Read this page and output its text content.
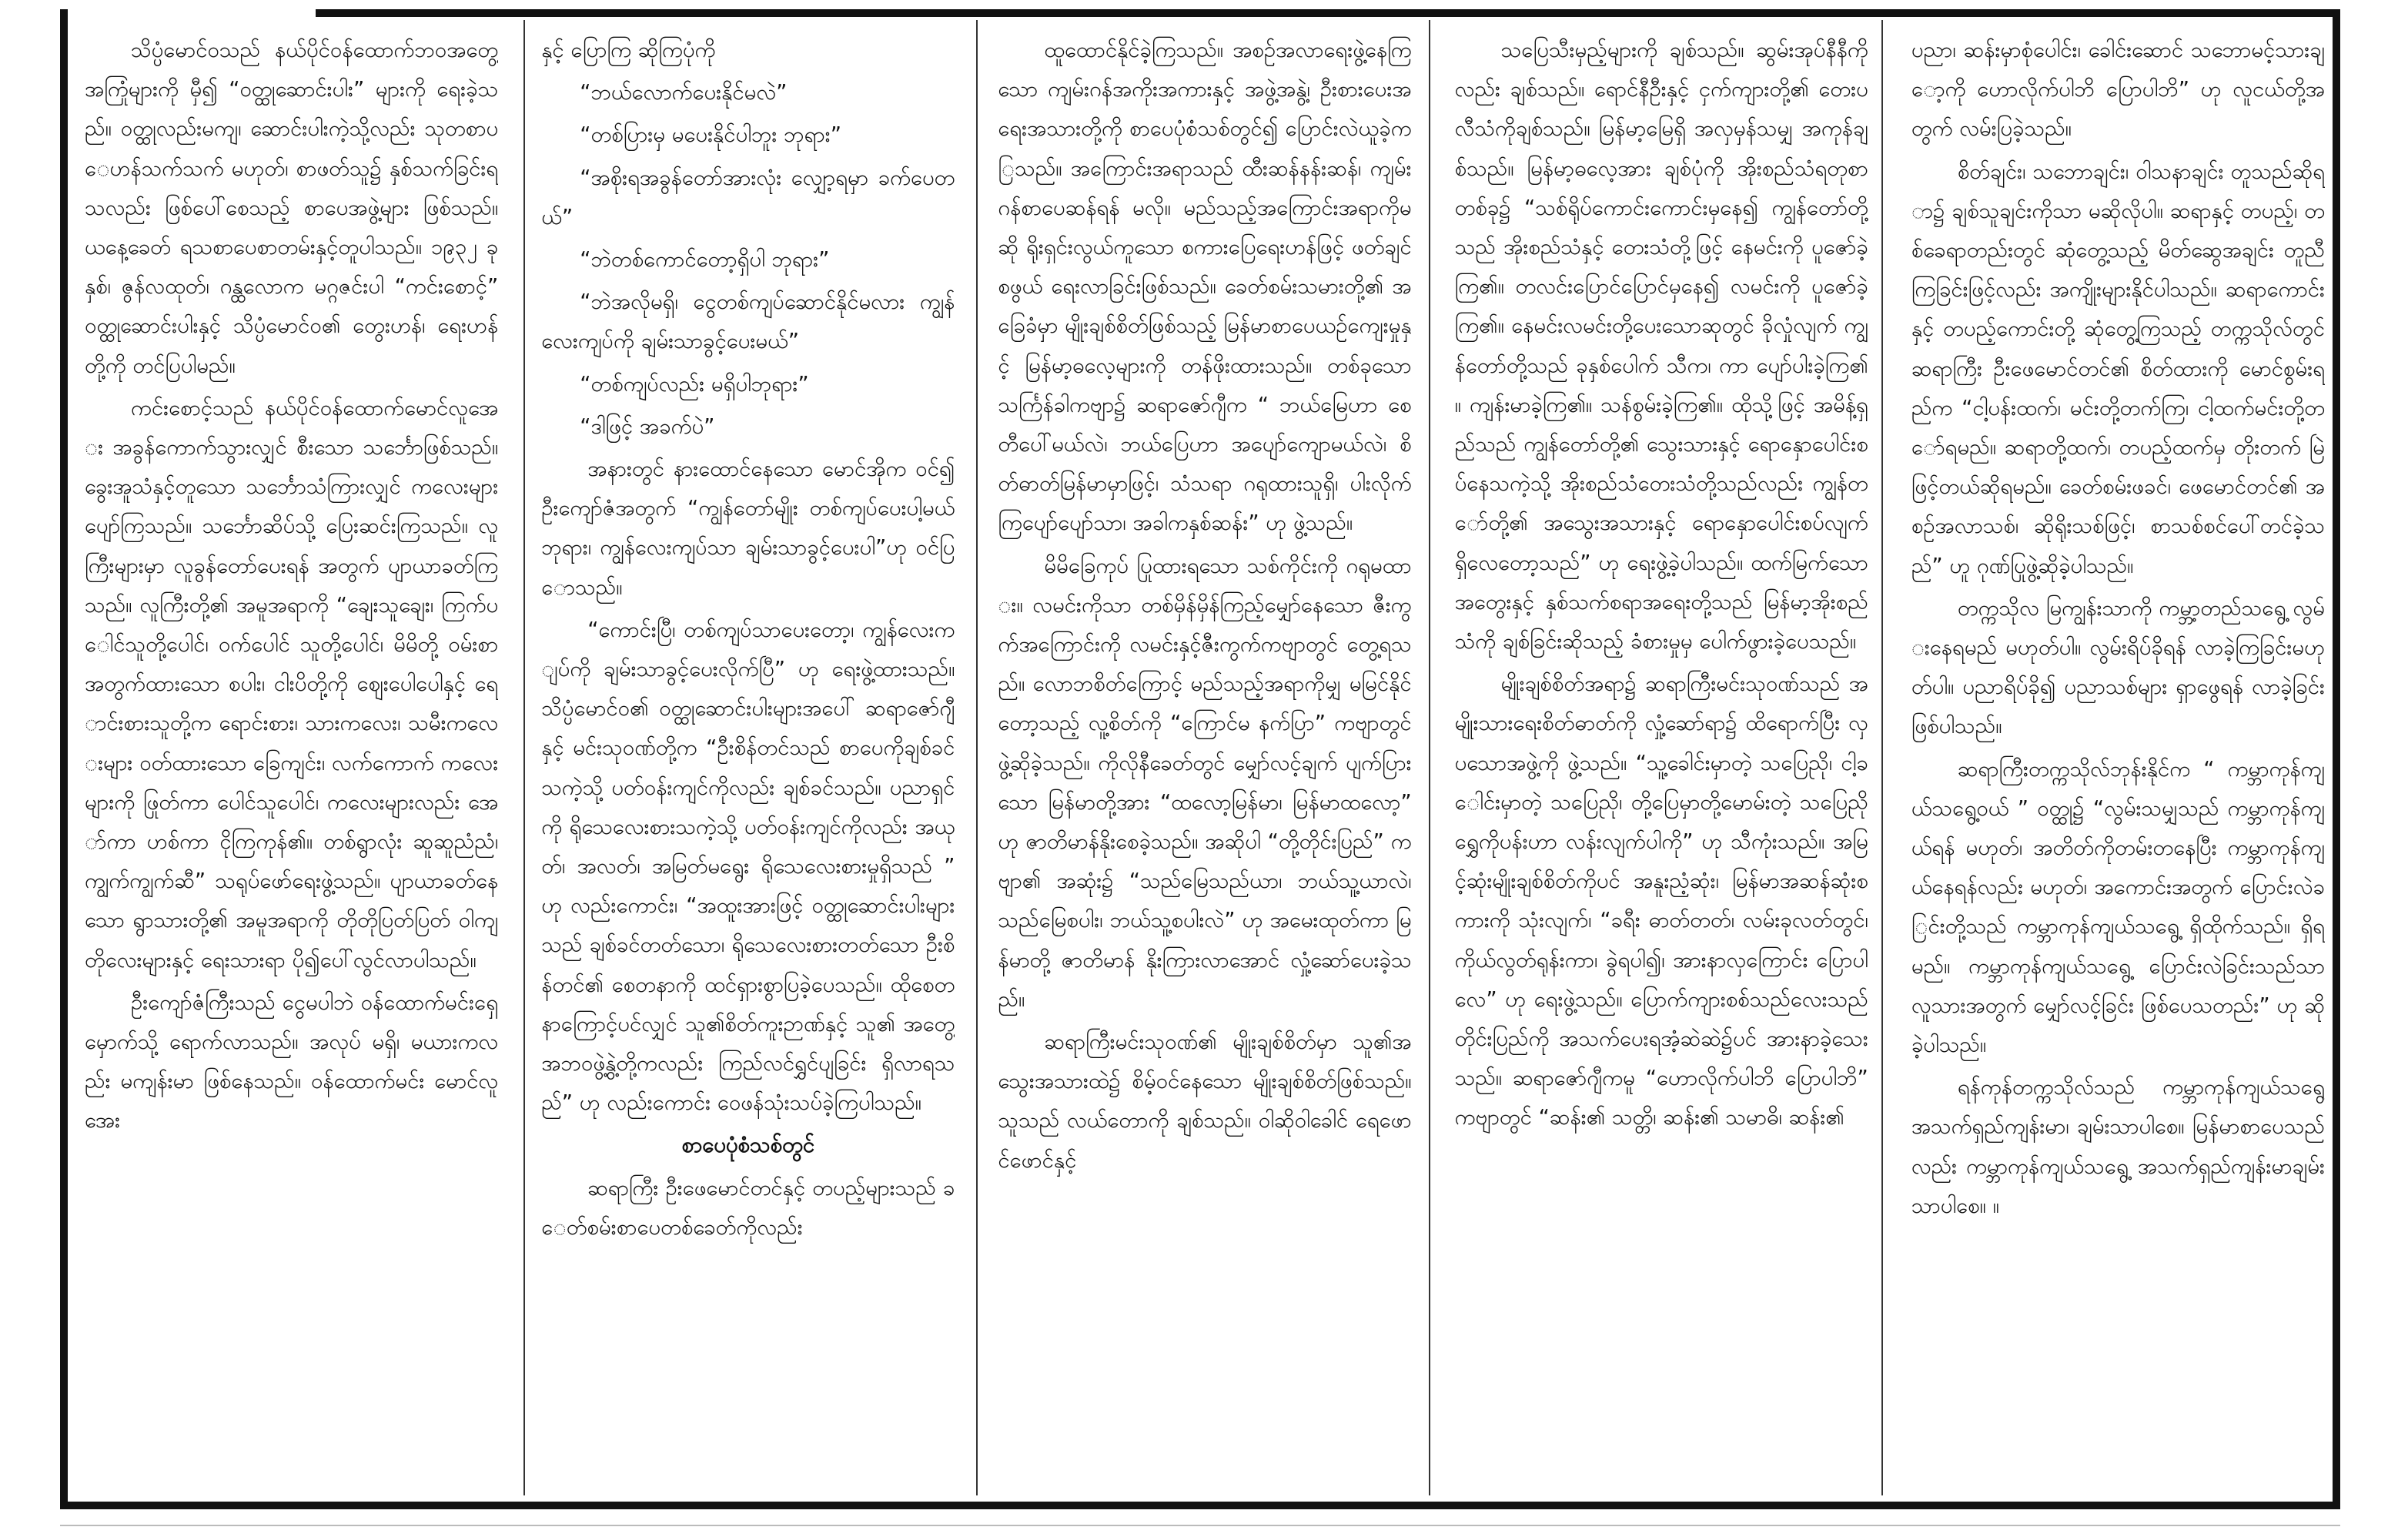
သိပ္ပံမောင်ဝသည် နယ်ပိုင်ဝန်ထောက်ဘဝအတွေ့အကြုံများကို မှီ၍ “ဝတ္ထုဆောင်းပါး” များကို ရေးခဲ့သည်။ ဝတ္ထုလည်းမကျ၊ ဆောင်းပါးကဲ့သို့လည်း သုတစာပေဟန်သက်သက် မဟုတ်၊ စာဖတ်သူ၌ နှစ်သက်ခြင်းရသလည်း ဖြစ်ပေါ်စေသည့် စာပေအဖွဲ့များ ဖြစ်သည်။ ယနေ့ခေတ် ရသစာပေစာတမ်းနှင့်တူပါသည်။ ၁၉၃၂ ခုနှစ်၊ ဇွန်လထုတ်၊ ဂန္ထလောက မဂ္ဂဇင်းပါ “ကင်းစောင့်” ဝတ္ထုဆောင်းပါးနှင့် သိပ္ပံမောင်ဝ၏ တွေးဟန်၊ ရေးဟန်တို့ကို တင်ပြပါမည်။

ကင်းစောင့်သည် နယ်ပိုင်ဝန်ထောက်မောင်လူအေး အခွန်ကောက်သွားလျှင် စီးသော သင်္ဘောဖြစ်သည်။ ခွေးအူသံနှင့်တူသော သင်္ဘောသံကြားလျှင် ကလေးများ ပျော်ကြသည်။ သင်္ဘောဆိပ်သို့ ပြေးဆင်းကြသည်။ လူကြီးများမှာ လူခွန်တော်ပေးရန် အတွက် ပျာယာခတ်ကြသည်။ လူကြီးတို့၏ အမူအရာကို “ချေးသူချေး၊ ကြက်ပေါင်သူတို့ပေါင်၊ ဝက်ပေါင် သူတို့ပေါင်၊ မိမိတို့ ဝမ်းစာအတွက်ထားသော စပါး၊ ငါးပိတို့ကို ဈေးပေါပေါနှင့် ရောင်းစားသူတို့က ရောင်းစား၊ သားကလေး၊ သမီးကလေးများ ဝတ်ထားသော ခြေကျင်း၊ လက်ကောက် ကလေးများကို ဖြုတ်ကာ ပေါင်သူပေါင်၊ ကလေးများလည်း အော်ကာ ဟစ်ကာ ငိုကြကုန်၏။ တစ်ရွာလုံး ဆူဆူညံညံ၊ ကျွက်ကျွက်ဆီ” သရုပ်ဖော်ရေးဖွဲ့သည်။ ပျာယာခတ်နေသော ရွာသားတို့၏ အမူအရာကို တိုတိုပြတ်ပြတ် ဝါကျတိုလေးများနှင့် ရေးသားရာ ပို၍ပေါ်လွင်လာပါသည်။

ဦးကျော်ဇံကြီးသည် ငွေမပါဘဲ ဝန်ထောက်မင်းရှေ့မှောက်သို့ ရောက်လာသည်။ အလုပ် မရှိ၊ မယားကလည်း မကျန်းမာ ဖြစ်နေသည်။ ဝန်ထောက်မင်း မောင်လူအေး

နှင့် ပြောကြ ဆိုကြပုံကို

“ဘယ်လောက်ပေးနိုင်မလဲ”

“တစ်ပြားမှ မပေးနိုင်ပါဘူး ဘုရား”

“အစိုးရအခွန်တော်အားလုံး လျှော့ရမှာ ခက်ပေတယ်”

“ဘဲတစ်ကောင်တော့ရှိပါ ဘုရား”

“ဘဲအလိုမရှိ၊ ငွေတစ်ကျပ်ဆောင်နိုင်မလား ကျွန်လေးကျပ်ကို ချမ်းသာခွင့်ပေးမယ်”

“တစ်ကျပ်လည်း မရှိပါဘုရား”

“ဒါဖြင့် အခက်ပဲ”

အနားတွင် နားထောင်နေသော မောင်အိုက ဝင်၍ ဦးကျော်ဇံအတွက် “ကျွန်တော်မျိုး တစ်ကျပ်ပေးပါ့မယ် ဘုရား၊ ကျွန်လေးကျပ်သာ ချမ်းသာခွင့်ပေးပါ”ဟု ဝင်ပြောသည်။

“ကောင်းပြီ၊ တစ်ကျပ်သာပေးတော့၊ ကျွန်လေးကျပ်ကို ချမ်းသာခွင့်ပေးလိုက်ပြီ” ဟု ရေးဖွဲ့ထားသည်။ သိပ္ပံမောင်ဝ၏ ဝတ္ထုဆောင်းပါးများအပေါ် ဆရာဇော်ဂျီနှင့် မင်းသုဝဏ်တို့က “ဦးစိန်တင်သည် စာပေကိုချစ်ခင်သကဲ့သို့ ပတ်ဝန်းကျင်ကိုလည်း ချစ်ခင်သည်။ ပညာရှင်ကို ရိုသေလေးစားသကဲ့သို့ ပတ်ဝန်းကျင်ကိုလည်း အယုတ်၊ အလတ်၊ အမြတ်မရွေး ရိုသေလေးစားမှုရှိသည် ” ဟု လည်းကောင်း၊ “အထူးအားဖြင့် ဝတ္ထုဆောင်းပါးများသည် ချစ်ခင်တတ်သော၊ ရိုသေလေးစားတတ်သော ဦးစိန်တင်၏ စေတနာကို ထင်ရှားစွာပြခဲ့ပေသည်။ ထိုစေတနာကြောင့်ပင်လျှင် သူ၏စိတ်ကူးဉာဏ်နှင့် သူ၏ အတွေ့အဘဝဖွဲ့နွဲ့တို့ကလည်း ကြည်လင်ရွှင်ပျခြင်း ရှိလာရသည်” ဟု လည်းကောင်း ဝေဖန်သုံးသပ်ခဲ့ကြပါသည်။

စာပေပုံစံသစ်တွင်

ဆရာကြီး ဦးဖေမောင်တင်နှင့် တပည့်များသည် ခေတ်စမ်းစာပေတစ်ခေတ်ကိုလည်း

ထူထောင်နိုင်ခဲ့ကြသည်။ အစဉ်အလာရေးဖွဲ့နေကြသော ကျမ်းဂန်အကိုးအကားနှင့် အဖွဲ့အနွဲ့၊ ဦးစားပေးအရေးအသားတို့ကို စာပေပုံစံသစ်တွင်၍ ပြောင်းလဲယူခဲ့ကြသည်။ အကြောင်းအရာသည် ထီးဆန်နန်းဆန်၊ ကျမ်းဂန်စာပေဆန်ရန် မလို။ မည်သည့်အကြောင်းအရာကိုမဆို ရိုးရှင်းလွယ်ကူသော စကားပြေရေးဟန်ဖြင့် ဖတ်ချင်စဖွယ် ရေးလာခြင်းဖြစ်သည်။ ခေတ်စမ်းသမားတို့၏ အခြေခံမှာ မျိုးချစ်စိတ်ဖြစ်သည့် မြန်မာစာပေယဉ်ကျေးမှုနှင့် မြန်မာ့ဓလေ့များကို တန်ဖိုးထားသည်။ တစ်ခုသော သင်္ကြန်ခါကဗျာ၌ ဆရာဇော်ဂျီက “ ဘယ်မြေဟာ စေတီပေါ်မယ်လဲ၊ ဘယ်ပြေဟာ အပျော်ကျောမယ်လဲ၊ စိတ်ဓာတ်မြန်မာမှာဖြင့်၊ သံသရာ ဂရုထားသူရှိ၊ ပါးလိုက်ကြပျော်ပျော်သာ၊ အခါကနှစ်ဆန်း” ဟု ဖွဲ့သည်။

မိမိခြေကုပ် ပြုထားရသော သစ်ကိုင်းကို ဂရုမထား။ လမင်းကိုသာ တစ်မှိန်မှိန်ကြည့်မျှော်နေသော ဇီးကွက်အကြောင်းကို လမင်းနှင့်ဇီးကွက်ကဗျာတွင် တွေ့ရသည်။ လောဘစိတ်ကြောင့် မည်သည့်အရာကိုမျှ မမြင်နိုင်တော့သည့် လူ့စိတ်ကို “ကြောင်မ နက်ပြာ” ကဗျာတွင် ဖွဲ့ဆိုခဲ့သည်။ ကိုလိုနီခေတ်တွင် မျှော်လင့်ချက် ပျက်ပြားသော မြန်မာတို့အား “ထလော့မြန်မာ၊ မြန်မာထလော့” ဟု ဇာတိမာန်နိုးစေခဲ့သည်။ အဆိုပါ “တို့တိုင်းပြည်” ကဗျာ၏ အဆုံး၌ “သည်မြေသည်ယာ၊ ဘယ်သူ့ယာလဲ၊ သည်မြေစပါး၊ ဘယ်သူ့စပါးလဲ” ဟု အမေးထုတ်ကာ မြန်မာတို့ ဇာတိမာန် နိုးကြားလာအောင် လှုံ့ဆော်ပေးခဲ့သည်။

ဆရာကြီးမင်းသုဝဏ်၏ မျိုးချစ်စိတ်မှာ သူ၏အသွေးအသားထဲ၌ စိမ့်ဝင်နေသော မျိုးချစ်စိတ်ဖြစ်သည်။ သူသည် လယ်တောကို ချစ်သည်။ ဝါဆိုဝါခေါင် ရေဖောင်ဖောင်နှင့်

သပြေသီးမှည့်များကို ချစ်သည်။ ဆွမ်းအုပ်နီနီကိုလည်း ချစ်သည်။ ရောင်နီဦးနှင့် ငှက်ကျားတို့၏ တေးပလီသံကိုချစ်သည်။ မြန်မာ့မြေရှိ အလှမှန်သမျှ အကုန်ချစ်သည်။ မြန်မာ့ဓလေ့အား ချစ်ပုံကို အိုးစည်သံရတုစာတစ်ခု၌ “သစ်ရိုပ်ကောင်းကောင်းမှနေ၍ ကျွန်တော်တို့သည် အိုးစည်သံနှင့် တေးသံတို့ဖြင့် နေမင်းကို ပူဇော်ခဲ့ကြ၏။ တလင်းပြောင်ပြောင်မှနေ၍ လမင်းကို ပူဇော်ခဲ့ကြ၏။ နေမင်းလမင်းတို့ပေးသောဆုတွင် ခိုလှုံလျက် ကျွန်တော်တို့သည် ခုနှစ်ပေါက် သီက၊ ကာ ပျော်ပါးခဲ့ကြ၏။ ကျန်းမာခဲ့ကြ၏။ သန်စွမ်းခဲ့ကြ၏။ ထိုသို့ဖြင့် အမိန့်ရှည်သည် ကျွန်တော်တို့၏ သွေးသားနှင့် ရောနှောပေါင်းစပ်နေသကဲ့သို့ အိုးစည်သံတေးသံတို့သည်လည်း ကျွန်တော်တို့၏ အသွေးအသားနှင့် ရောနှောပေါင်းစပ်လျက် ရှိလေတော့သည်” ဟု ရေးဖွဲ့ခဲ့ပါသည်။ ထက်မြက်သော အတွေးနှင့် နှစ်သက်စရာအရေးတို့သည် မြန်မာ့အိုးစည်သံကို ချစ်ခြင်းဆိုသည့် ခံစားမှုမှ ပေါက်ဖွားခဲ့ပေသည်။

မျိုးချစ်စိတ်အရာ၌ ဆရာကြီးမင်းသုဝဏ်သည် အမျိုးသားရေးစိတ်ဓာတ်ကို လှုံ့ဆော်ရာ၌ ထိရောက်ပြီး လှပသောအဖွဲ့ကို ဖွဲ့သည်။ “သူ့ခေါင်းမှာတဲ့ သပြေညို၊ ငါ့ခေါင်းမှာတဲ့ သပြေညို၊ တို့ပြေမှာတို့မောမ်းတဲ့ သပြေညို ရွှေကိုပန်းဟာ လန်းလျက်ပါကို” ဟု သီကုံးသည်။ အမြင့်ဆုံးမျိုးချစ်စိတ်ကိုပင် အနူးညံ့ဆုံး၊ မြန်မာအဆန်ဆုံးစကားကို သုံးလျက်၊ “ခရီး ဓာတ်တတ်၊ လမ်းခုလတ်တွင်၊ ကိုယ်လွတ်ရုန်းကာ၊ ခွဲရပါ၍၊ အားနာလှကြောင်း ပြောပါလေ” ဟု ရေးဖွဲ့သည်။ ပြောက်ကျားစစ်သည်လေးသည် တိုင်းပြည်ကို အသက်ပေးရအံ့ဆဲဆဲ၌ပင် အားနာခဲ့သေးသည်။ ဆရာဇော်ဂျီကမူ “ဟောလိုက်ပါဘိ ပြောပါဘိ” ကဗျာတွင် “ဆန်း၏ သတ္တိ၊ ဆန်း၏ သမာဓိ၊ ဆန်း၏

ပညာ၊ ဆန်းမှာစုံပေါင်း၊ ခေါင်းဆောင် သဘောမင့်သားချော့ကို ဟောလိုက်ပါဘိ ပြောပါဘိ” ဟု လူငယ်တို့အတွက် လမ်းပြခဲ့သည်။

စိတ်ချင်း၊ သဘောချင်း၊ ဝါသနာချင်း တူသည်ဆိုရာ၌ ချစ်သူချင်းကိုသာ မဆိုလိုပါ။ ဆရာနှင့် တပည့်၊ တစ်ခေရာတည်းတွင် ဆုံတွေ့သည့် မိတ်ဆွေအချင်း တူညီကြခြင်းဖြင့်လည်း အကျိုးများနိုင်ပါသည်။ ဆရာကောင်းနှင့် တပည့်ကောင်းတို့ ဆုံတွေ့ကြသည့် တက္ကသိုလ်တွင် ဆရာကြီး ဦးဖေမောင်တင်၏ စိတ်ထားကို မောင်စွမ်းရည်က “ငါ့ပန်းထက်၊ မင်းတို့တက်ကြ၊ ငါ့ထက်မင်းတို့တော်ရမည်။ ဆရာတို့ထက်၊ တပည့်ထက်မှ တိုးတက် မြဲဖြင့်တယ်ဆိုရမည်။ ခေတ်စမ်းဖခင်၊ ဖေမောင်တင်၏ အစဉ်အလာသစ်၊ ဆိုရိုးသစ်ဖြင့်၊ စာသစ်စင်ပေါ်တင်ခဲ့သည်” ဟူ ဂုဏ်ပြုဖွဲ့ဆိုခဲ့ပါသည်။

တက္ကသိုလ မြကျွန်းသာကို ကမ္ဘာ့တည်သရွေ့ လွမ်းနေရမည် မဟုတ်ပါ။ လွမ်းရိပ်ခိုရန် လာခဲ့ကြခြင်းမဟုတ်ပါ။ ပညာရိပ်ခို၍ ပညာသစ်များ ရှာဖွေရန် လာခဲ့ခြင်းဖြစ်ပါသည်။

ဆရာကြီးတက္ကသိုလ်ဘုန်းနိုင်က “ ကမ္ဘာကုန်ကျယ်သရွေ့ဝယ် ” ဝတ္ထု၌ “လွမ်းသမျှသည် ကမ္ဘာကုန်ကျယ်ရန် မဟုတ်၊ အတိတ်ကိုတမ်းတနေပြီး ကမ္ဘာကုန်ကျယ်နေရန်လည်း မဟုတ်၊ အကောင်းအတွက် ပြောင်းလဲခြင်းတို့သည် ကမ္ဘာကုန်ကျယ်သရွေ့ ရှိထိုက်သည်။ ရှိရမည်။ ကမ္ဘာကုန်ကျယ်သရွေ့ ပြောင်းလဲခြင်းသည်သာ လူသားအတွက် မျှော်လင့်ခြင်း ဖြစ်ပေသတည်း” ဟု ဆိုခဲ့ပါသည်။

ရန်ကုန်တက္ကသိုလ်သည် ကမ္ဘာကုန်ကျယ်သရွေ့ အသက်ရှည်ကျန်းမာ၊ ချမ်းသာပါစေ။ မြန်မာစာပေသည်လည်း ကမ္ဘာကုန်ကျယ်သရွေ့ အသက်ရှည်ကျန်းမာချမ်းသာပါစေ။ ။
